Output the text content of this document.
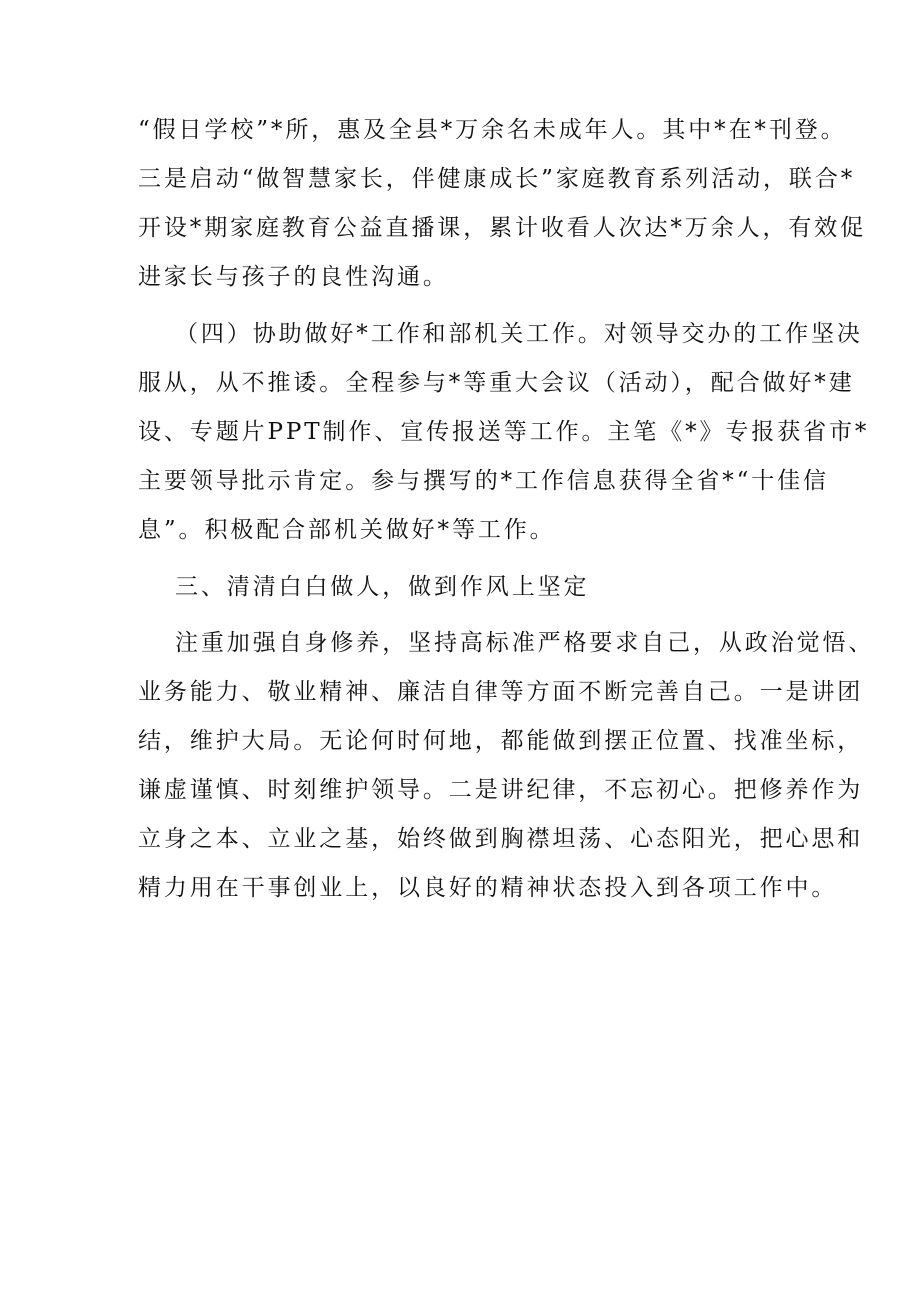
“假日学校”*所，惠及全县*万余名未成年人。其中*在*刊登。
三是启动“做智慧家长，伴健康成长”家庭教育系列活动，联合*
开设*期家庭教育公益直播课，累计收看人次达*万余人，有效促
进家长与孩子的良性沟通。
（四）协助做好*工作和部机关工作。对领导交办的工作坚决
服从，从不推诿。全程参与*等重大会议（活动），配合做好*建
设、专题片PPT制作、宣传报送等工作。主笔《*》专报获省市*
主要领导批示肯定。参与撰写的*工作信息获得全省*“十佳信
息”。积极配合部机关做好*等工作。
三、清清白白做人，做到作风上坚定
注重加强自身修养，坚持高标准严格要求自己，从政治觉悟、
业务能力、敬业精神、廉洁自律等方面不断完善自己。一是讲团
结，维护大局。无论何时何地，都能做到摆正位置、找准坐标，
谦虚谨慎、时刻维护领导。二是讲纪律，不忘初心。把修养作为
立身之本、立业之基，始终做到胸襟坦荡、心态阳光，把心思和
精力用在干事创业上，以良好的精神状态投入到各项工作中。
